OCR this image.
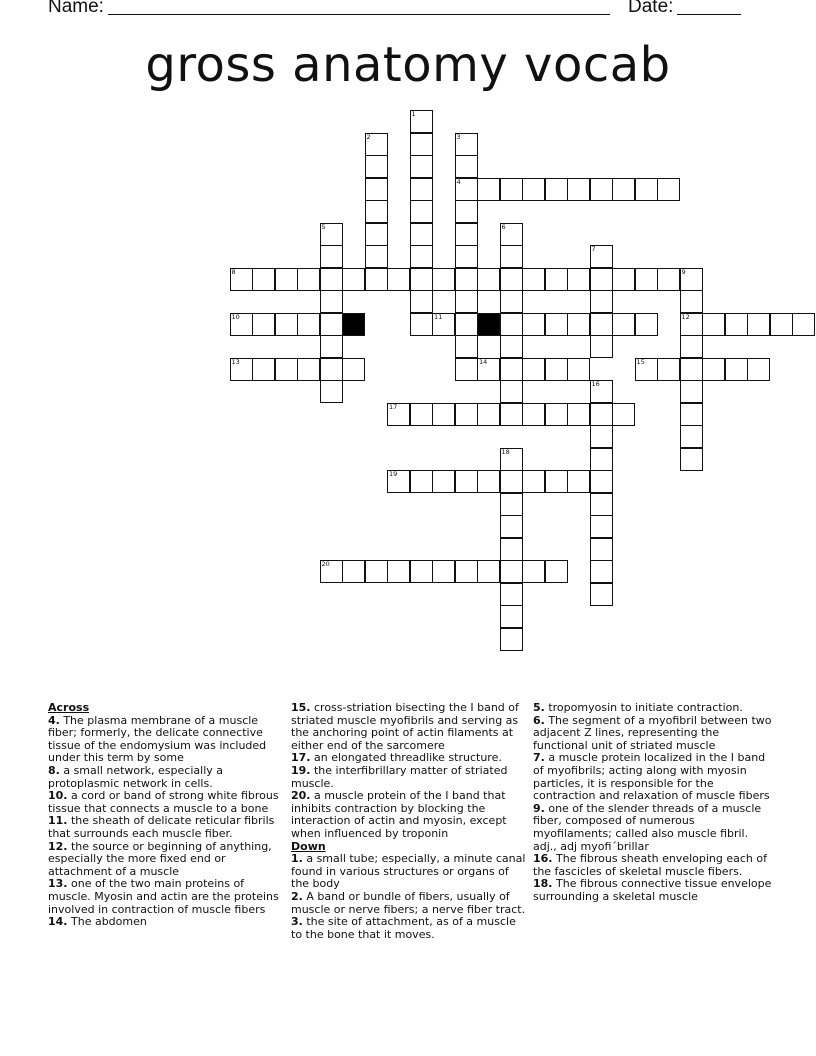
Name:	Date:
gross anatomy vocab
1
2	3
4
5	6
7
8	9
12
10	11
13	14	15
16
17
18
19
20
Across
4. The plasma membrane of a muscle fiber; formerly, the delicate connective tissue of the endomysium was included under this term by some
8. a small network, especially a protoplasmic network in cells.
10. a cord or band of strong white fibrous tissue that connects a muscle to a bone
11. the sheath of delicate reticular fibrils that surrounds each muscle fiber.
12. the source or beginning of anything, especially the more fixed end or attachment of a muscle
13. one of the two main proteins of muscle. Myosin and actin are the proteins involved in contraction of muscle fibers
14. The abdomen
15. cross-striation bisecting the I band of striated muscle myofibrils and serving as the anchoring point of actin filaments at either end of the sarcomere
17. an elongated threadlike structure.
19. the interfibrillary matter of striated muscle.
20. a muscle protein of the I band that inhibits contraction by blocking the interaction of actin and myosin, except when influenced by troponin
Down
1. a small tube; especially, a minute canal found in various structures or organs of the body
2. A band or bundle of fibers, usually of muscle or nerve fibers; a nerve fiber tract.
3. the site of attachment, as of a muscle to the bone that it moves.
5. tropomyosin to initiate contraction.
6. The segment of a myofibril between two adjacent Z lines, representing the functional unit of striated muscle
7. a muscle protein localized in the I band of myofibrils; acting along with myosin particles, it is responsible for the contraction and relaxation of muscle fibers
9. one of the slender threads of a muscle fiber, composed of numerous myofilaments; called also muscle fibril. adj., adj myofi´brillar
16. The fibrous sheath enveloping each of the fascicles of skeletal muscle fibers.
18. The fibrous connective tissue envelope surrounding a skeletal muscle
